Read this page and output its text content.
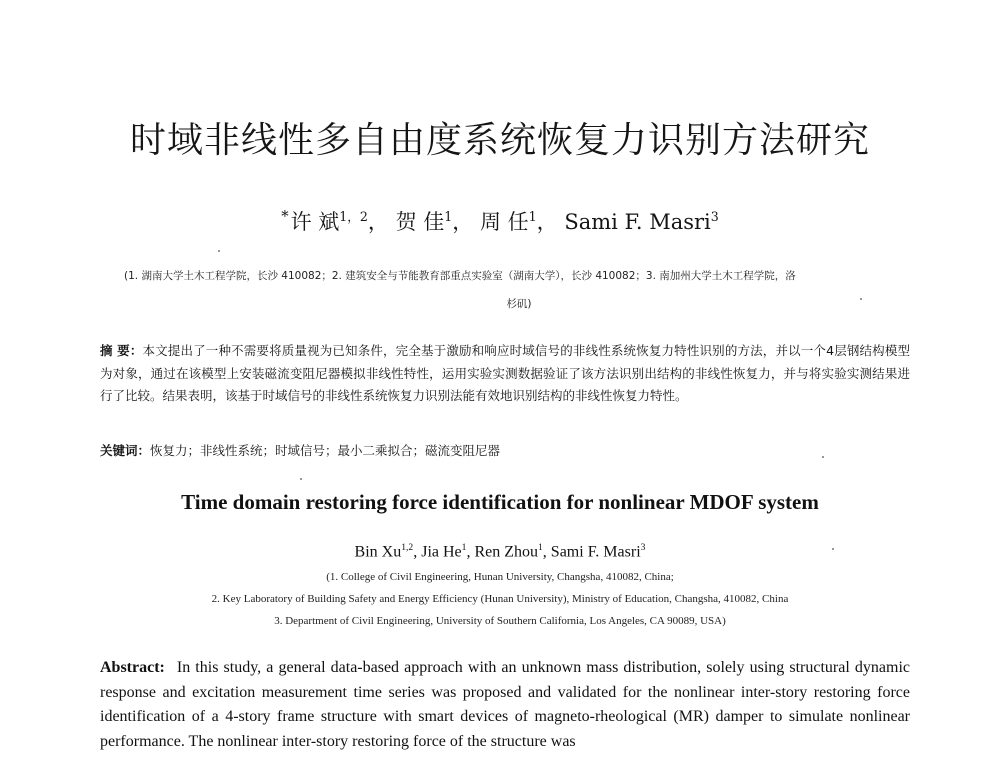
时域非线性多自由度系统恢复力识别方法研究
*许 斌$^{1,2}$， 贺 佳$^1$， 周 任$^1$， Sami F. Masri$^3$
(1. 湖南大学土木工程学院，长沙 410082；2. 建筑安全与节能教育部重点实验室（湖南大学），长沙 410082；3. 南加州大学土木工程学院，洛
杉矶)
摘 要：本文提出了一种不需要将质量视为已知条件，完全基于激励和响应时域信号的非线性系统恢复力特性识别的方法，并以一个4层钢结构模型为对象，通过在该模型上安装磁流变阻尼器模拟非线性特性，运用实验实测数据验证了该方法识别出结构的非线性恢复力，并与将实验实测结果进行了比较。结果表明，该基于时域信号的非线性系统恢复力识别法能有效地识别结构的非线性恢复力特性。
关键词：恢复力；非线性系统；时域信号；最小二乘拟合；磁流变阻尼器
Time domain restoring force identification for nonlinear MDOF system
Bin Xu$^{1,2}$, Jia He$^1$, Ren Zhou$^1$, Sami F. Masri$^3$
(1. College of Civil Engineering, Hunan University, Changsha, 410082, China;
2. Key Laboratory of Building Safety and Energy Efficiency (Hunan University), Ministry of Education, Changsha, 410082, China
3. Department of Civil Engineering, University of Southern California, Los Angeles, CA 90089, USA)
Abstract: In this study, a general data-based approach with an unknown mass distribution, solely using structural dynamic response and excitation measurement time series was proposed and validated for the nonlinear inter-story restoring force identification of a 4-story frame structure with smart devices of magneto-rheological (MR) damper to simulate nonlinear performance. The nonlinear inter-story restoring force of the structure was
